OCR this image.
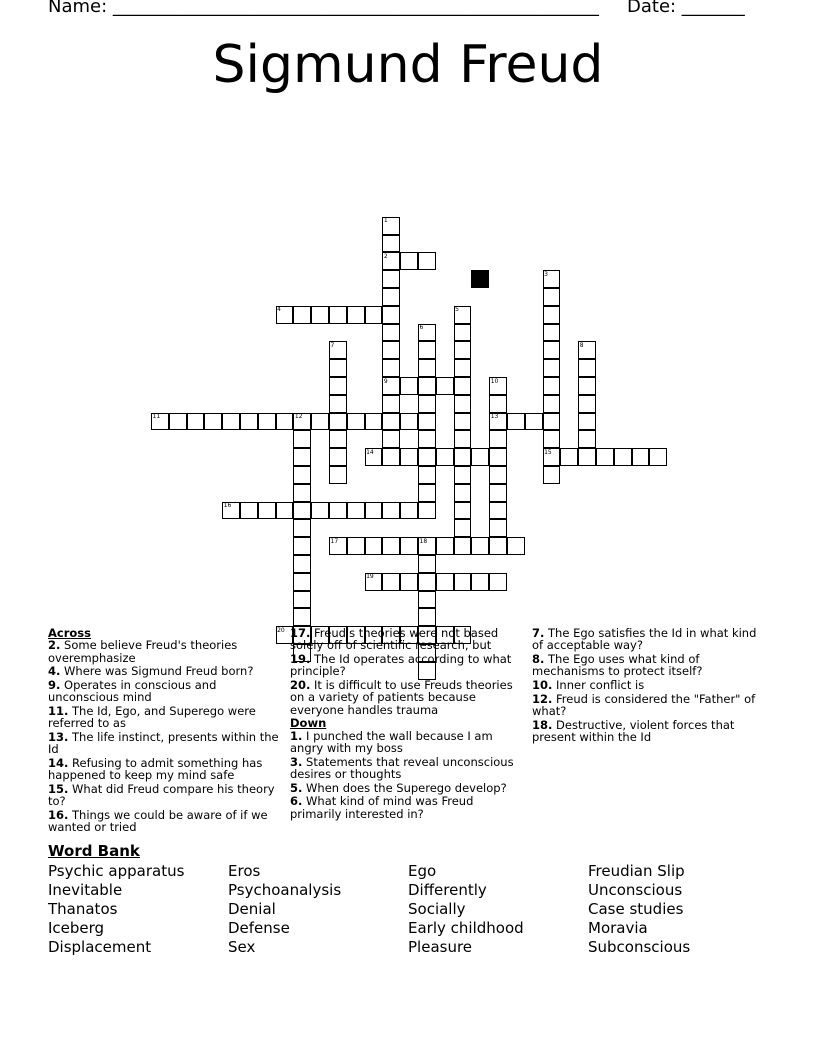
Name: ______________________________________________________ Date: _______
Sigmund Freud
1
2
3
4	5
6
7	8
9	10
11	12	13
14	15
16
17	18
19
20
Across
2. Some believe Freud's theories overemphasize
4. Where was Sigmund Freud born?
9. Operates in conscious and unconscious mind
11. The Id, Ego, and Superego were referred to as
13. The life instinct, presents within the Id
14. Refusing to admit something has happened to keep my mind safe
15. What did Freud compare his theory to?
16. Things we could be aware of if we wanted or tried
17. Freud's theories were not based solely off of scientific research, but
19. The Id operates according to what principle?
20. It is difficult to use Freuds theories on a variety of patients because everyone handles trauma
Down
1. I punched the wall because I am angry with my boss
3. Statements that reveal unconscious desires or thoughts
5. When does the Superego develop?
6. What kind of mind was Freud primarily interested in?
7. The Ego satisfies the Id in what kind of acceptable way?
8. The Ego uses what kind of mechanisms to protect itself?
10. Inner conflict is
12. Freud is considered the "Father" of what?
18. Destructive, violent forces that present within the Id
Word Bank
Psychic apparatus
Inevitable
Thanatos
Iceberg
Displacement
Eros
Psychoanalysis
Denial
Defense
Sex
Ego
Differently
Socially
Early childhood
Pleasure
Freudian Slip
Unconscious
Case studies
Moravia
Subconscious
